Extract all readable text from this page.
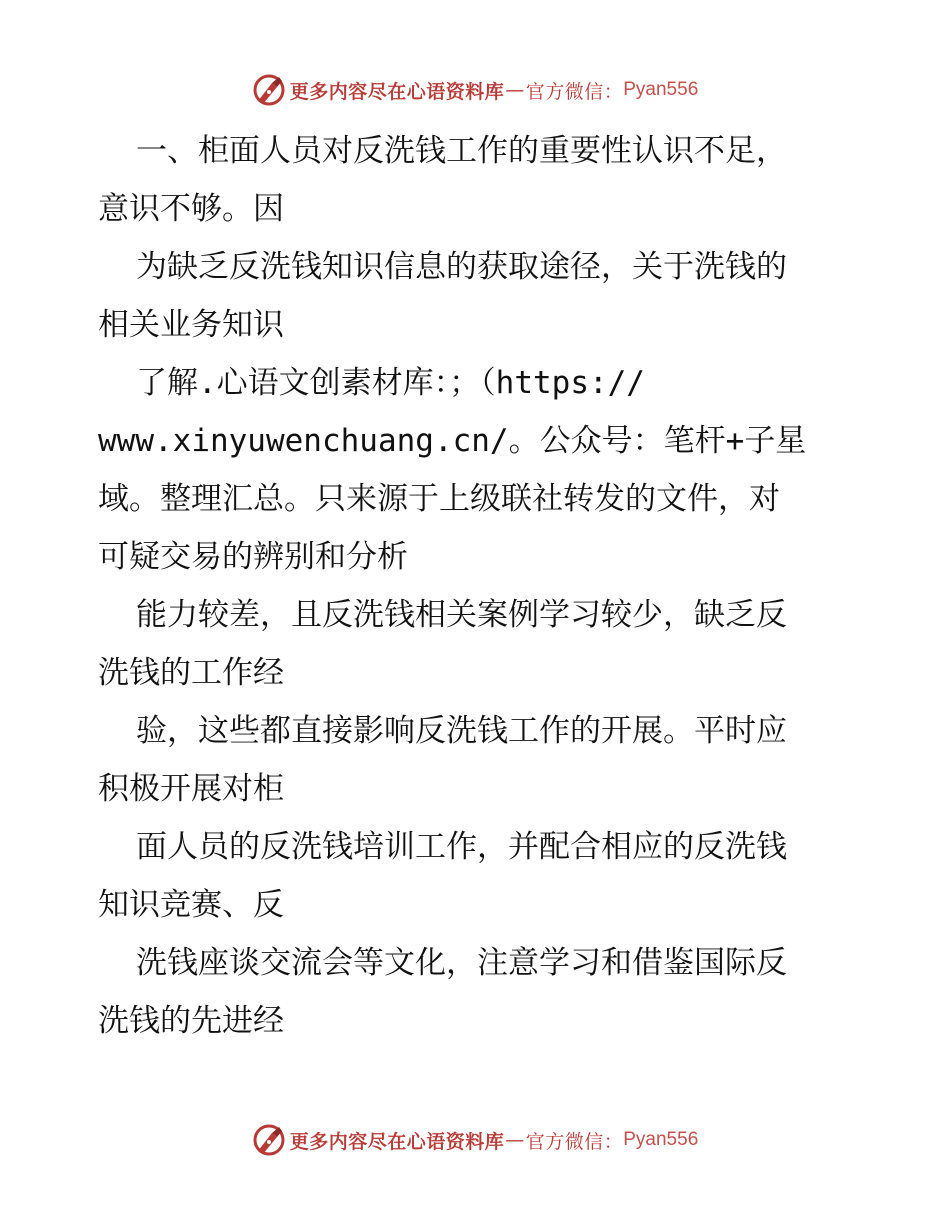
更多内容尽在心语资料库 — 官方微信： Pyan556
一、柜面人员对反洗钱工作的重要性认识不足，
意识不够。因
为缺乏反洗钱知识信息的获取途径，关于洗钱的
相关业务知识
了解.心语文创素材库：；（https://
www.xinyuwenchuang.cn/。公众号：笔杆+子星
域。整理汇总。只来源于上级联社转发的文件，对
可疑交易的辨别和分析
能力较差，且反洗钱相关案例学习较少，缺乏反
洗钱的工作经
验，这些都直接影响反洗钱工作的开展。平时应
积极开展对柜
面人员的反洗钱培训工作，并配合相应的反洗钱
知识竞赛、反
洗钱座谈交流会等文化，注意学习和借鉴国际反
洗钱的先进经
更多内容尽在心语资料库 — 官方微信： Pyan556
